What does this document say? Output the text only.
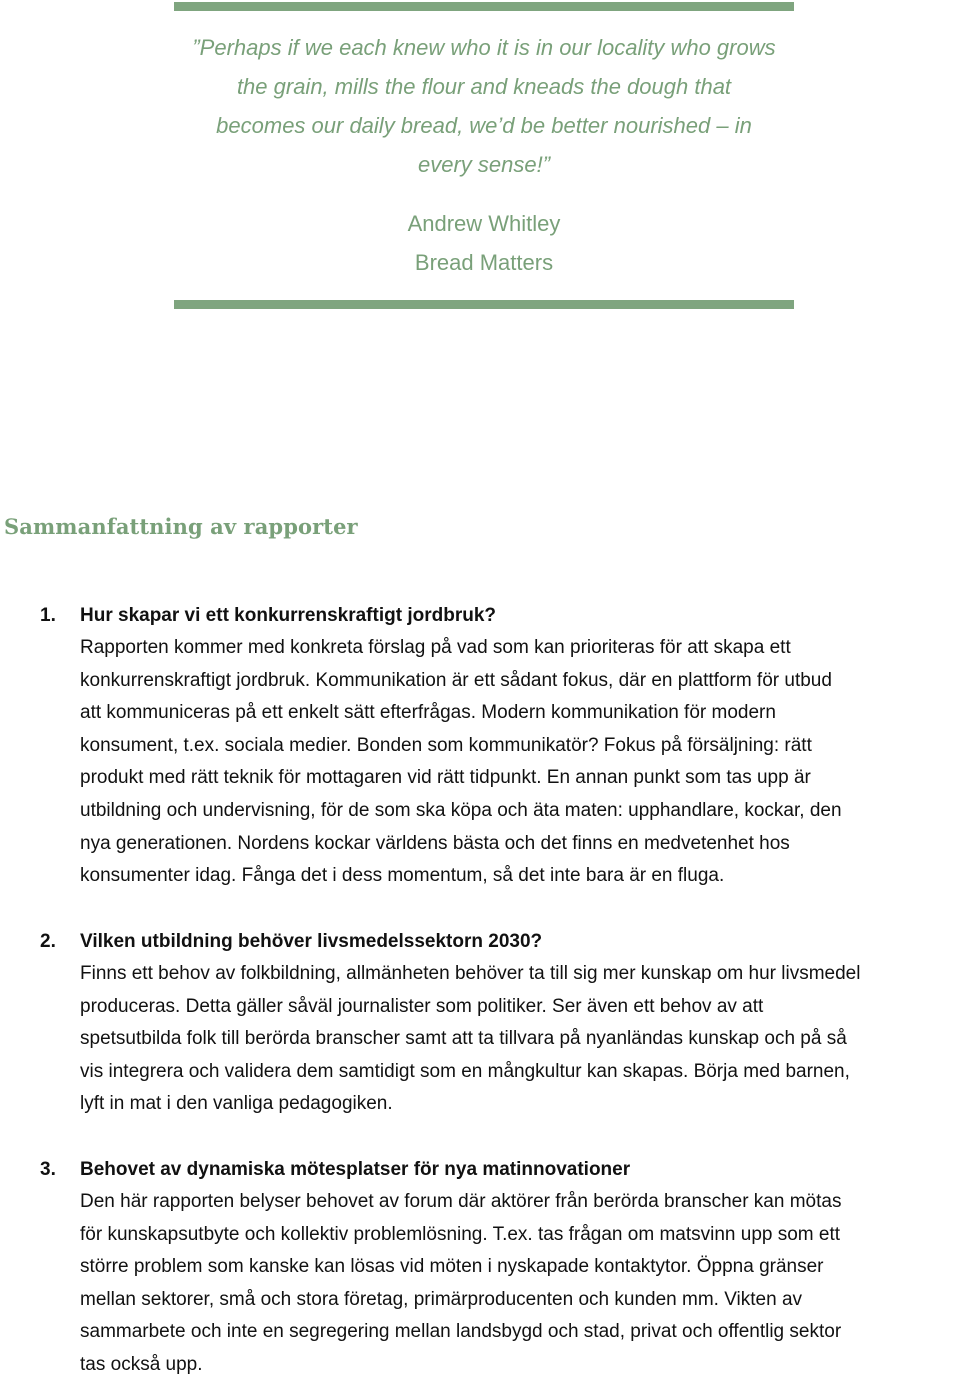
”Perhaps if we each knew who it is in our locality who grows
the grain, mills the flour and kneads the dough that
becomes our daily bread, we’d be better nourished – in
every sense!”
Andrew Whitley
Bread Matters
Sammanfattning av rapporter
1. Hur skapar vi ett konkurrenskraftigt jordbruk?
Rapporten kommer med konkreta förslag på vad som kan prioriteras för att skapa ett
konkurrenskraftigt jordbruk. Kommunikation är ett sådant fokus, där en plattform för utbud
att kommuniceras på ett enkelt sätt efterfrågas. Modern kommunikation för modern
konsument, t.ex. sociala medier. Bonden som kommunikatör? Fokus på försäljning: rätt
produkt med rätt teknik för mottagaren vid rätt tidpunkt. En annan punkt som tas upp är
utbildning och undervisning, för de som ska köpa och äta maten: upphandlare, kockar, den
nya generationen. Nordens kockar världens bästa och det finns en medvetenhet hos
konsumenter idag. Fånga det i dess momentum, så det inte bara är en fluga.
2. Vilken utbildning behöver livsmedelssektorn 2030?
Finns ett behov av folkbildning, allmänheten behöver ta till sig mer kunskap om hur livsmedel
produceras. Detta gäller såväl journalister som politiker. Ser även ett behov av att
spetsutbilda folk till berörda branscher samt att ta tillvara på nyanländas kunskap och på så
vis integrera och validera dem samtidigt som en mångkultur kan skapas. Börja med barnen,
lyft in mat i den vanliga pedagogiken.
3. Behovet av dynamiska mötesplatser för nya matinnovationer
Den här rapporten belyser behovet av forum där aktörer från berörda branscher kan mötas
för kunskapsutbyte och kollektiv problemlösning. T.ex. tas frågan om matsvinn upp som ett
större problem som kanske kan lösas vid möten i nyskapade kontaktytor. Öppna gränser
mellan sektorer, små och stora företag, primärproducenten och kunden mm. Vikten av
sammarbete och inte en segregering mellan landsbygd och stad, privat och offentlig sektor
tas också upp.
